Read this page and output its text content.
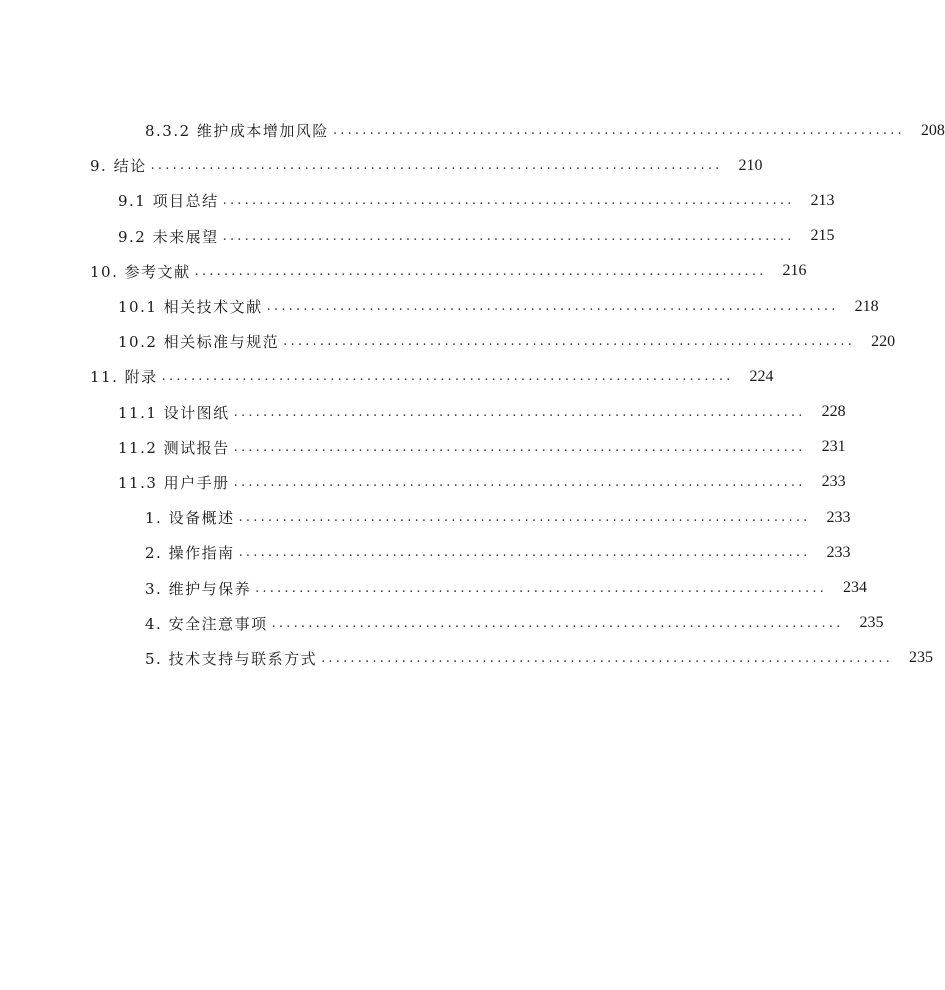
8.3.2 维护成本增加风险 ..............................................................................	208
9. 结论 ..............................................................................	210
9.1 项目总结 ..............................................................................	213
9.2 未来展望 ..............................................................................	215
10. 参考文献 ..............................................................................	216
10.1 相关技术文献 ..............................................................................	218
10.2 相关标准与规范 ..............................................................................	220
11. 附录 ..............................................................................	224
11.1 设计图纸 ..............................................................................	228
11.2 测试报告 ..............................................................................	231
11.3 用户手册 ..............................................................................	233
1. 设备概述 ..............................................................................	233
2. 操作指南 ..............................................................................	233
3. 维护与保养 ..............................................................................	234
4. 安全注意事项 ..............................................................................	235
5. 技术支持与联系方式 ..............................................................................	235
